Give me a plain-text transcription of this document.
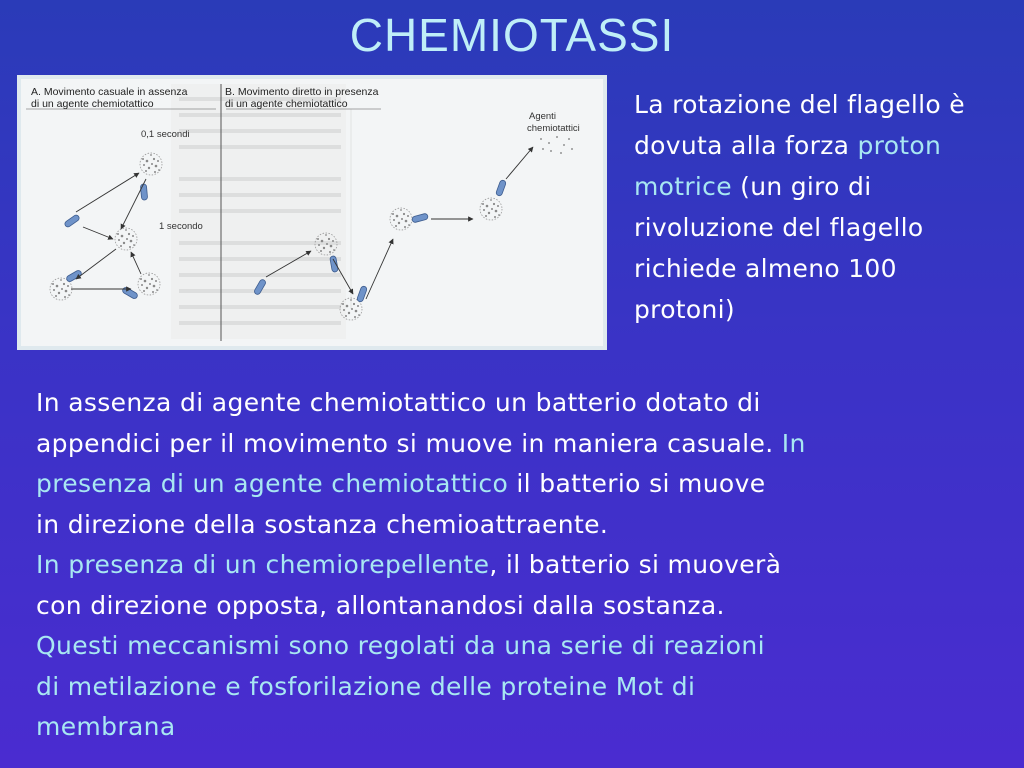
CHEMIOTASSI
A. Movimento casuale in assenza
di un agente chemiotattico
B. Movimento diretto in presenza
di un agente chemiotattico
0,1 secondi
1 secondo
Agenti
chemiotattici
La rotazione del flagello è dovuta alla forza proton motrice (un giro di rivoluzione del flagello richiede almeno 100 protoni)
In assenza di agente chemiotattico un batterio dotato di
appendici per il movimento si muove in maniera casuale. In
presenza di un agente chemiotattico il batterio si muove
in direzione della sostanza chemioattraente.
In presenza di un chemiorepellente, il batterio si muoverà
con direzione opposta, allontanandosi dalla sostanza.
Questi meccanismi sono regolati da una serie di reazioni
di metilazione e fosforilazione delle proteine Mot di
membrana
